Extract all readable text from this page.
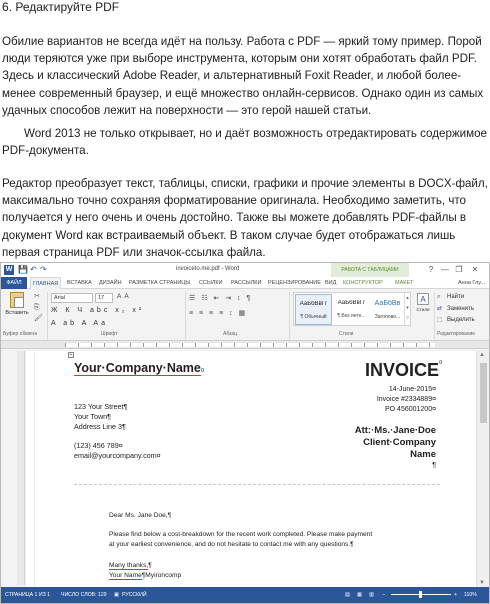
6. Редактируйте PDF
Обилие вариантов не всегда идёт на пользу. Работа с PDF — яркий тому пример. Порой люди теряются уже при выборе инструмента, которым они хотят обработать файл PDF. Здесь и классический Adobe Reader, и альтернативный Foxit Reader, и любой более-менее современный браузер, и ещё множество онлайн-сервисов. Однако один из самых удачных способов лежит на поверхности — это герой нашей статьи.
Word 2013 не только открывает, но и даёт возможность отредактировать содержимое PDF-документа.
Редактор преобразует текст, таблицы, списки, графики и прочие элементы в DOCX-файл, максимально точно сохраняя форматирование оригинала. Необходимо заметить, что получается у него очень и очень достойно. Также вы можете добавлять PDF-файлы в документ Word как встраиваемый объект. В таком случае будет отображаться лишь первая страница PDF или значок-ссылка файла.
W 💾 ↶ ↷	invoiceto.me.pdf - Word	РАБОТА С ТАБЛИЦАМИ	? — ❐	✕
ФАЙЛ	ГЛАВНАЯ	ВСТАВКА	ДИЗАЙН	РАЗМЕТКА СТРАНИЦЫ	ССЫЛКИ	РАССЫЛКИ	РЕЦЕНЗИРОВАНИЕ ВИД	КОНСТРУКТОР	МАКЕТ	Анна Глу...
Вставить
✂
⎘
🖌
Arial	17	A A
Ж К Ч abc x₂ x²
A ab A Aa
☰ ☷ ⇤ ⇥ ↕ ¶
≡ ≡ ≡ ≡ ↕ ▦
АаБбВвГг
¶ Обычный
АаБбВвГг
¶ Без инте...
АаБбВв
Заголово...
▴
▾
▿
A
Стили
⌕ Найти
⇄ Заменить
⬚ Выделить
Буфер обмена	Шрифт	Абзац	Стили	Редактирование
+
Your·Company·Name¤	INVOICE¤
14-June-2015¤
Invoice #2334889¤
PO 456001200¤
123 Your Street¶
Your Town¶
Address Line 3¶
(123) 456 789¤
email@yourcompany.com¤
Att:·Ms.·Jane·Doe
Client·Company
Name
¶
Dear Ms. Jane Doe,¶
Please find below a cost-breakdown for the recent work completed. Please make payment
at your earliest convenience, and do not hesitate to contact me with any questions.¶
Many thanks,¶
Your Name¶Myironcomp
▲
▼
СТРАНИЦА 1 ИЗ 1 ЧИСЛО СЛОВ: 129 ▣ РУССКИЙ	▤ ▦ ▥ −	+ 110%
